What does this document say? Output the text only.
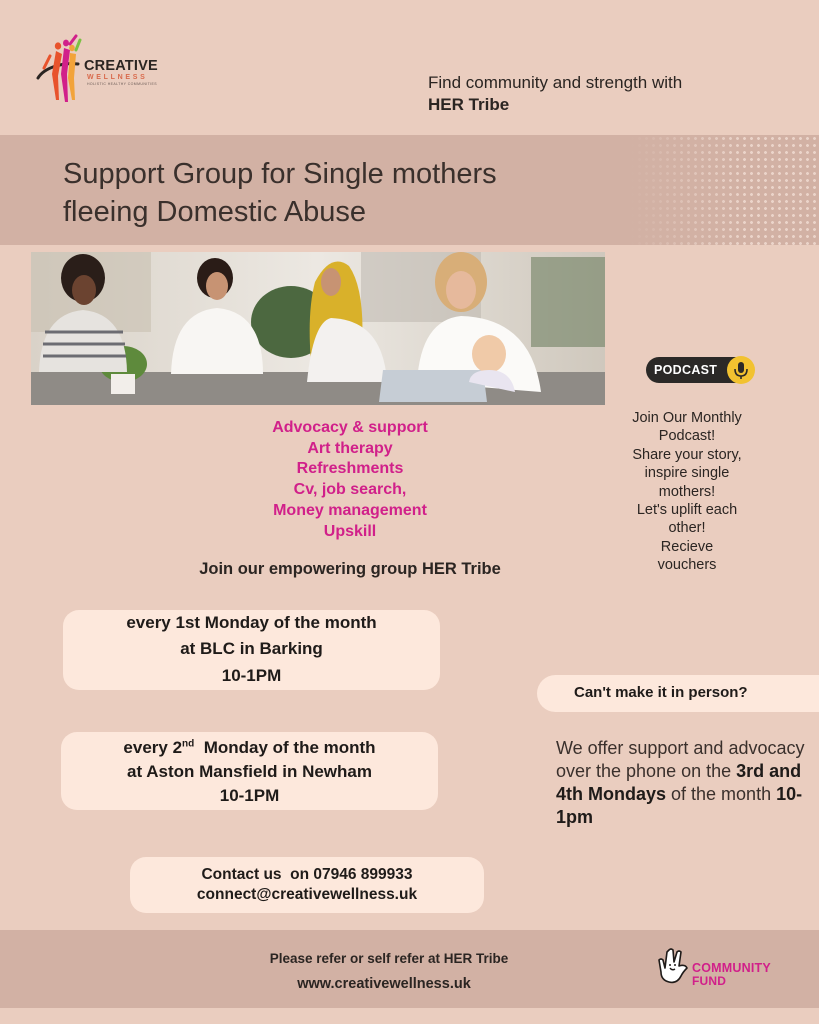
CREATIVE
WELLNESS
HOLISTIC HEALTHY COMMUNITIES	Find community and strength with
HER Tribe
Support Group for Single mothers
fleeing Domestic Abuse
Advocacy & support
Art therapy
Refreshments
Cv, job search,
Money management
Upskill
Join our empowering group HER Tribe
PODCAST
Join Our Monthly
Podcast!
Share your story,
inspire single
mothers!
Let's uplift each
other!
Recieve
vouchers
every 1st Monday of the month
at BLC in Barking
10-1PM
every 2nd  Monday of the month
at Aston Mansfield in Newham
10-1PM
Contact us  on 07946 899933
connect@creativewellness.uk
Can't make it in person?
We offer support and advocacy over the phone on the 3rd and 4th Mondays of the month 10-1pm
Please refer or self refer at HER Tribe
www.creativewellness.uk
COMMUNITY
FUND
